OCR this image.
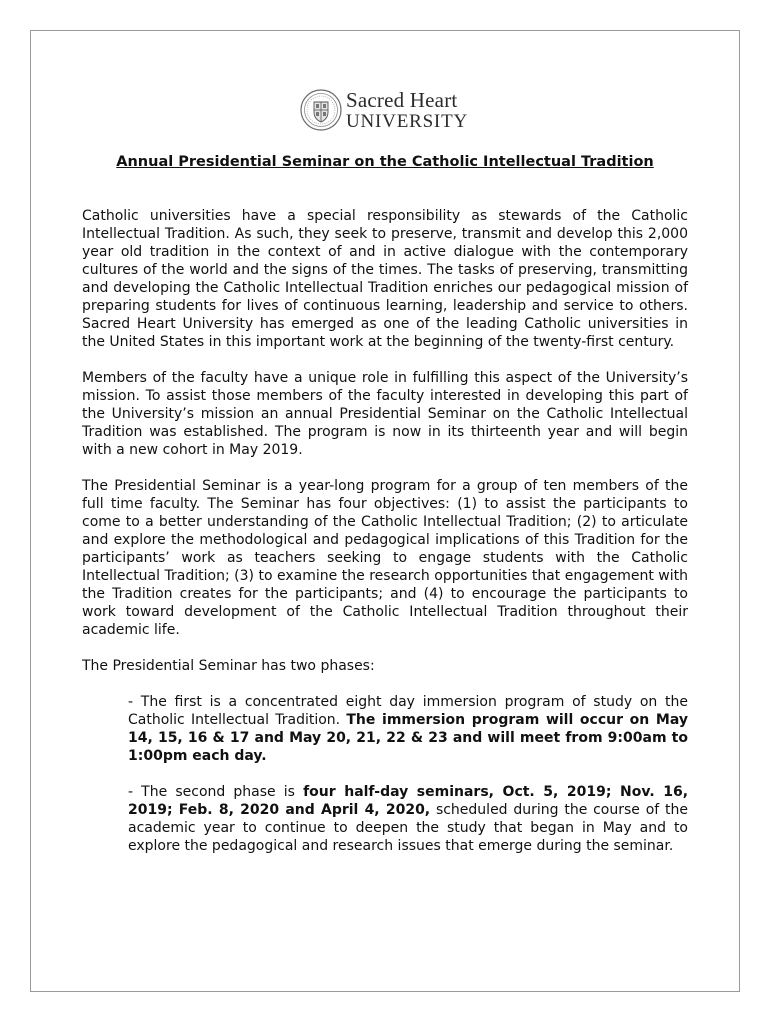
Sacred Heart
UNIVERSITY
Annual Presidential Seminar on the Catholic Intellectual Tradition

Catholic universities have a special responsibility as stewards of the Catholic Intellectual Tradition. As such, they seek to preserve, transmit and develop this 2,000 year old tradition in the context of and in active dialogue with the contemporary cultures of the world and the signs of the times. The tasks of preserving, transmitting and developing the Catholic Intellectual Tradition enriches our pedagogical mission of preparing students for lives of continuous learning, leadership and service to others. Sacred Heart University has emerged as one of the leading Catholic universities in the United States in this important work at the beginning of the twenty-first century.

Members of the faculty have a unique role in fulfilling this aspect of the University’s mission. To assist those members of the faculty interested in developing this part of the University’s mission an annual Presidential Seminar on the Catholic Intellectual Tradition was established. The program is now in its thirteenth year and will begin with a new cohort in May 2019.

The Presidential Seminar is a year-long program for a group of ten members of the full time faculty. The Seminar has four objectives: (1) to assist the participants to come to a better understanding of the Catholic Intellectual Tradition; (2) to articulate and explore the methodological and pedagogical implications of this Tradition for the participants’ work as teachers seeking to engage students with the Catholic Intellectual Tradition; (3) to examine the research opportunities that engagement with the Tradition creates for the participants; and (4) to encourage the participants to work toward development of the Catholic Intellectual Tradition throughout their academic life.

The Presidential Seminar has two phases:

- The first is a concentrated eight day immersion program of study on the Catholic Intellectual Tradition. The immersion program will occur on May 14, 15, 16 & 17 and May 20, 21, 22 & 23 and will meet from 9:00am to 1:00pm each day.

- The second phase is four half-day seminars, Oct. 5, 2019; Nov. 16, 2019; Feb. 8, 2020 and April 4, 2020, scheduled during the course of the academic year to continue to deepen the study that began in May and to explore the pedagogical and research issues that emerge during the seminar.
